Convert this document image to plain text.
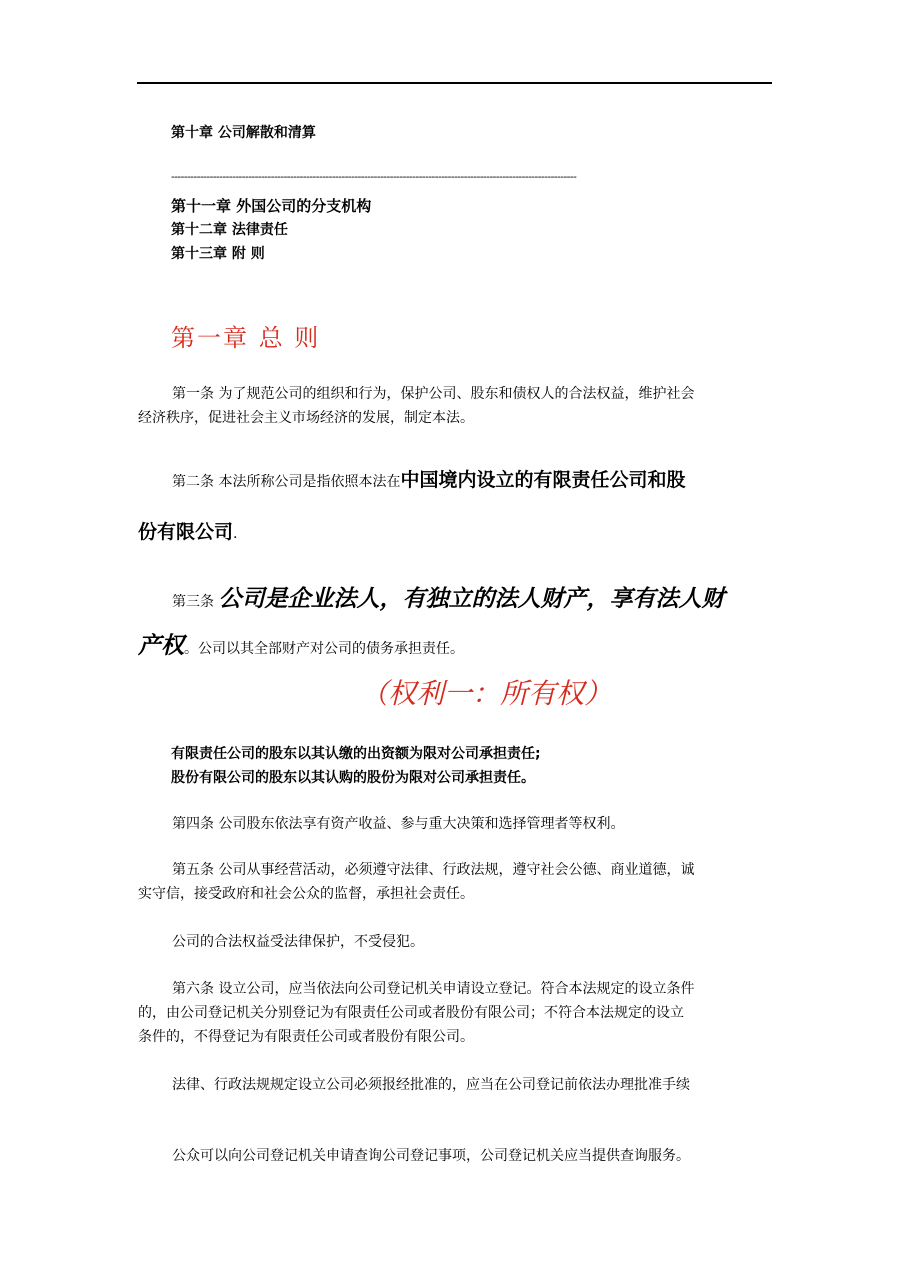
第十章 公司解散和清算
------------------------------------------------------------------------------------------------------------------------------
第十一章 外国公司的分支机构
第十二章 法律责任
第十三章 附 则
第一章 总 则
第一条 为了规范公司的组织和行为，保护公司、股东和债权人的合法权益，维护社会
经济秩序，促进社会主义市场经济的发展，制定本法。
第二条 本法所称公司是指依照本法在中国境内设立的有限责任公司和股
份有限公司.
第三条 公司是企业法人，有独立的法人财产，享有法人财
产权。公司以其全部财产对公司的债务承担责任。
（权利一：所有权）
有限责任公司的股东以其认缴的出资额为限对公司承担责任;
股份有限公司的股东以其认购的股份为限对公司承担责任。
第四条 公司股东依法享有资产收益、参与重大决策和选择管理者等权利。
第五条 公司从事经营活动，必须遵守法律、行政法规，遵守社会公德、商业道德，诚
实守信，接受政府和社会公众的监督，承担社会责任。
公司的合法权益受法律保护，不受侵犯。
第六条 设立公司，应当依法向公司登记机关申请设立登记。符合本法规定的设立条件
的，由公司登记机关分别登记为有限责任公司或者股份有限公司；不符合本法规定的设立
条件的，不得登记为有限责任公司或者股份有限公司。
法律、行政法规规定设立公司必须报经批准的，应当在公司登记前依法办理批准手续
公众可以向公司登记机关申请查询公司登记事项，公司登记机关应当提供查询服务。
